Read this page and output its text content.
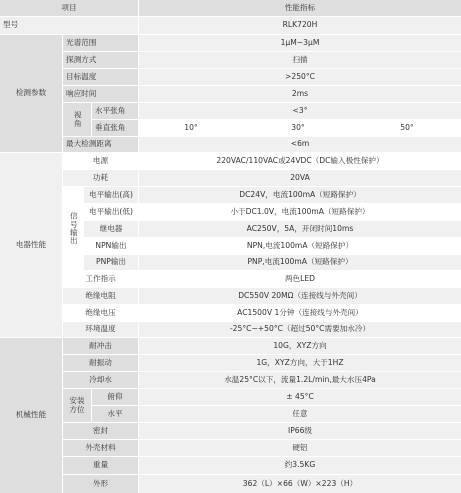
项目	性能指标
型号	RLK720H
检测参数
光谱范围	1μM~3μM
探测方式	扫描
目标温度	>250°C
响应时间	2ms
视角
水平张角	<3°
垂直张角	10°	30°	50°
最大检测距离	<6m
电器性能
电源	220VAC/110VAC或24VDC（DC输入极性保护）
功耗	20VA
信号输出
电平输出(高)	DC24V，电流100mA（短路保护）
电平输出(低)	小于DC1.0V，电流100mA（短路保护）
继电器	AC250V，5A，开闭时间10ms
NPN输出	NPN,电流100mA（短路保护）
PNP输出	PNP,电流100mA（短路保护）
工作指示	两色LED
绝缘电阻	DC550V 20MΩ（连接线与外壳间）
绝缘电压	AC1500V 1分钟（连接线与外壳间）
环境温度	-25°C~+50°C（超过50°C需要加水冷）
机械性能
耐冲击	10G，XYZ方向
耐振动	1G，XYZ方向，大于1HZ
冷却水	水温25°C以下，流量1.2L/min,最大水压4Pa
安装方位
俯仰	± 45°C
水平	任意
密封	IP66级
外壳材料	硬铝
重量	约3.5KG
外形	362（L）×66（W）×223（H）
